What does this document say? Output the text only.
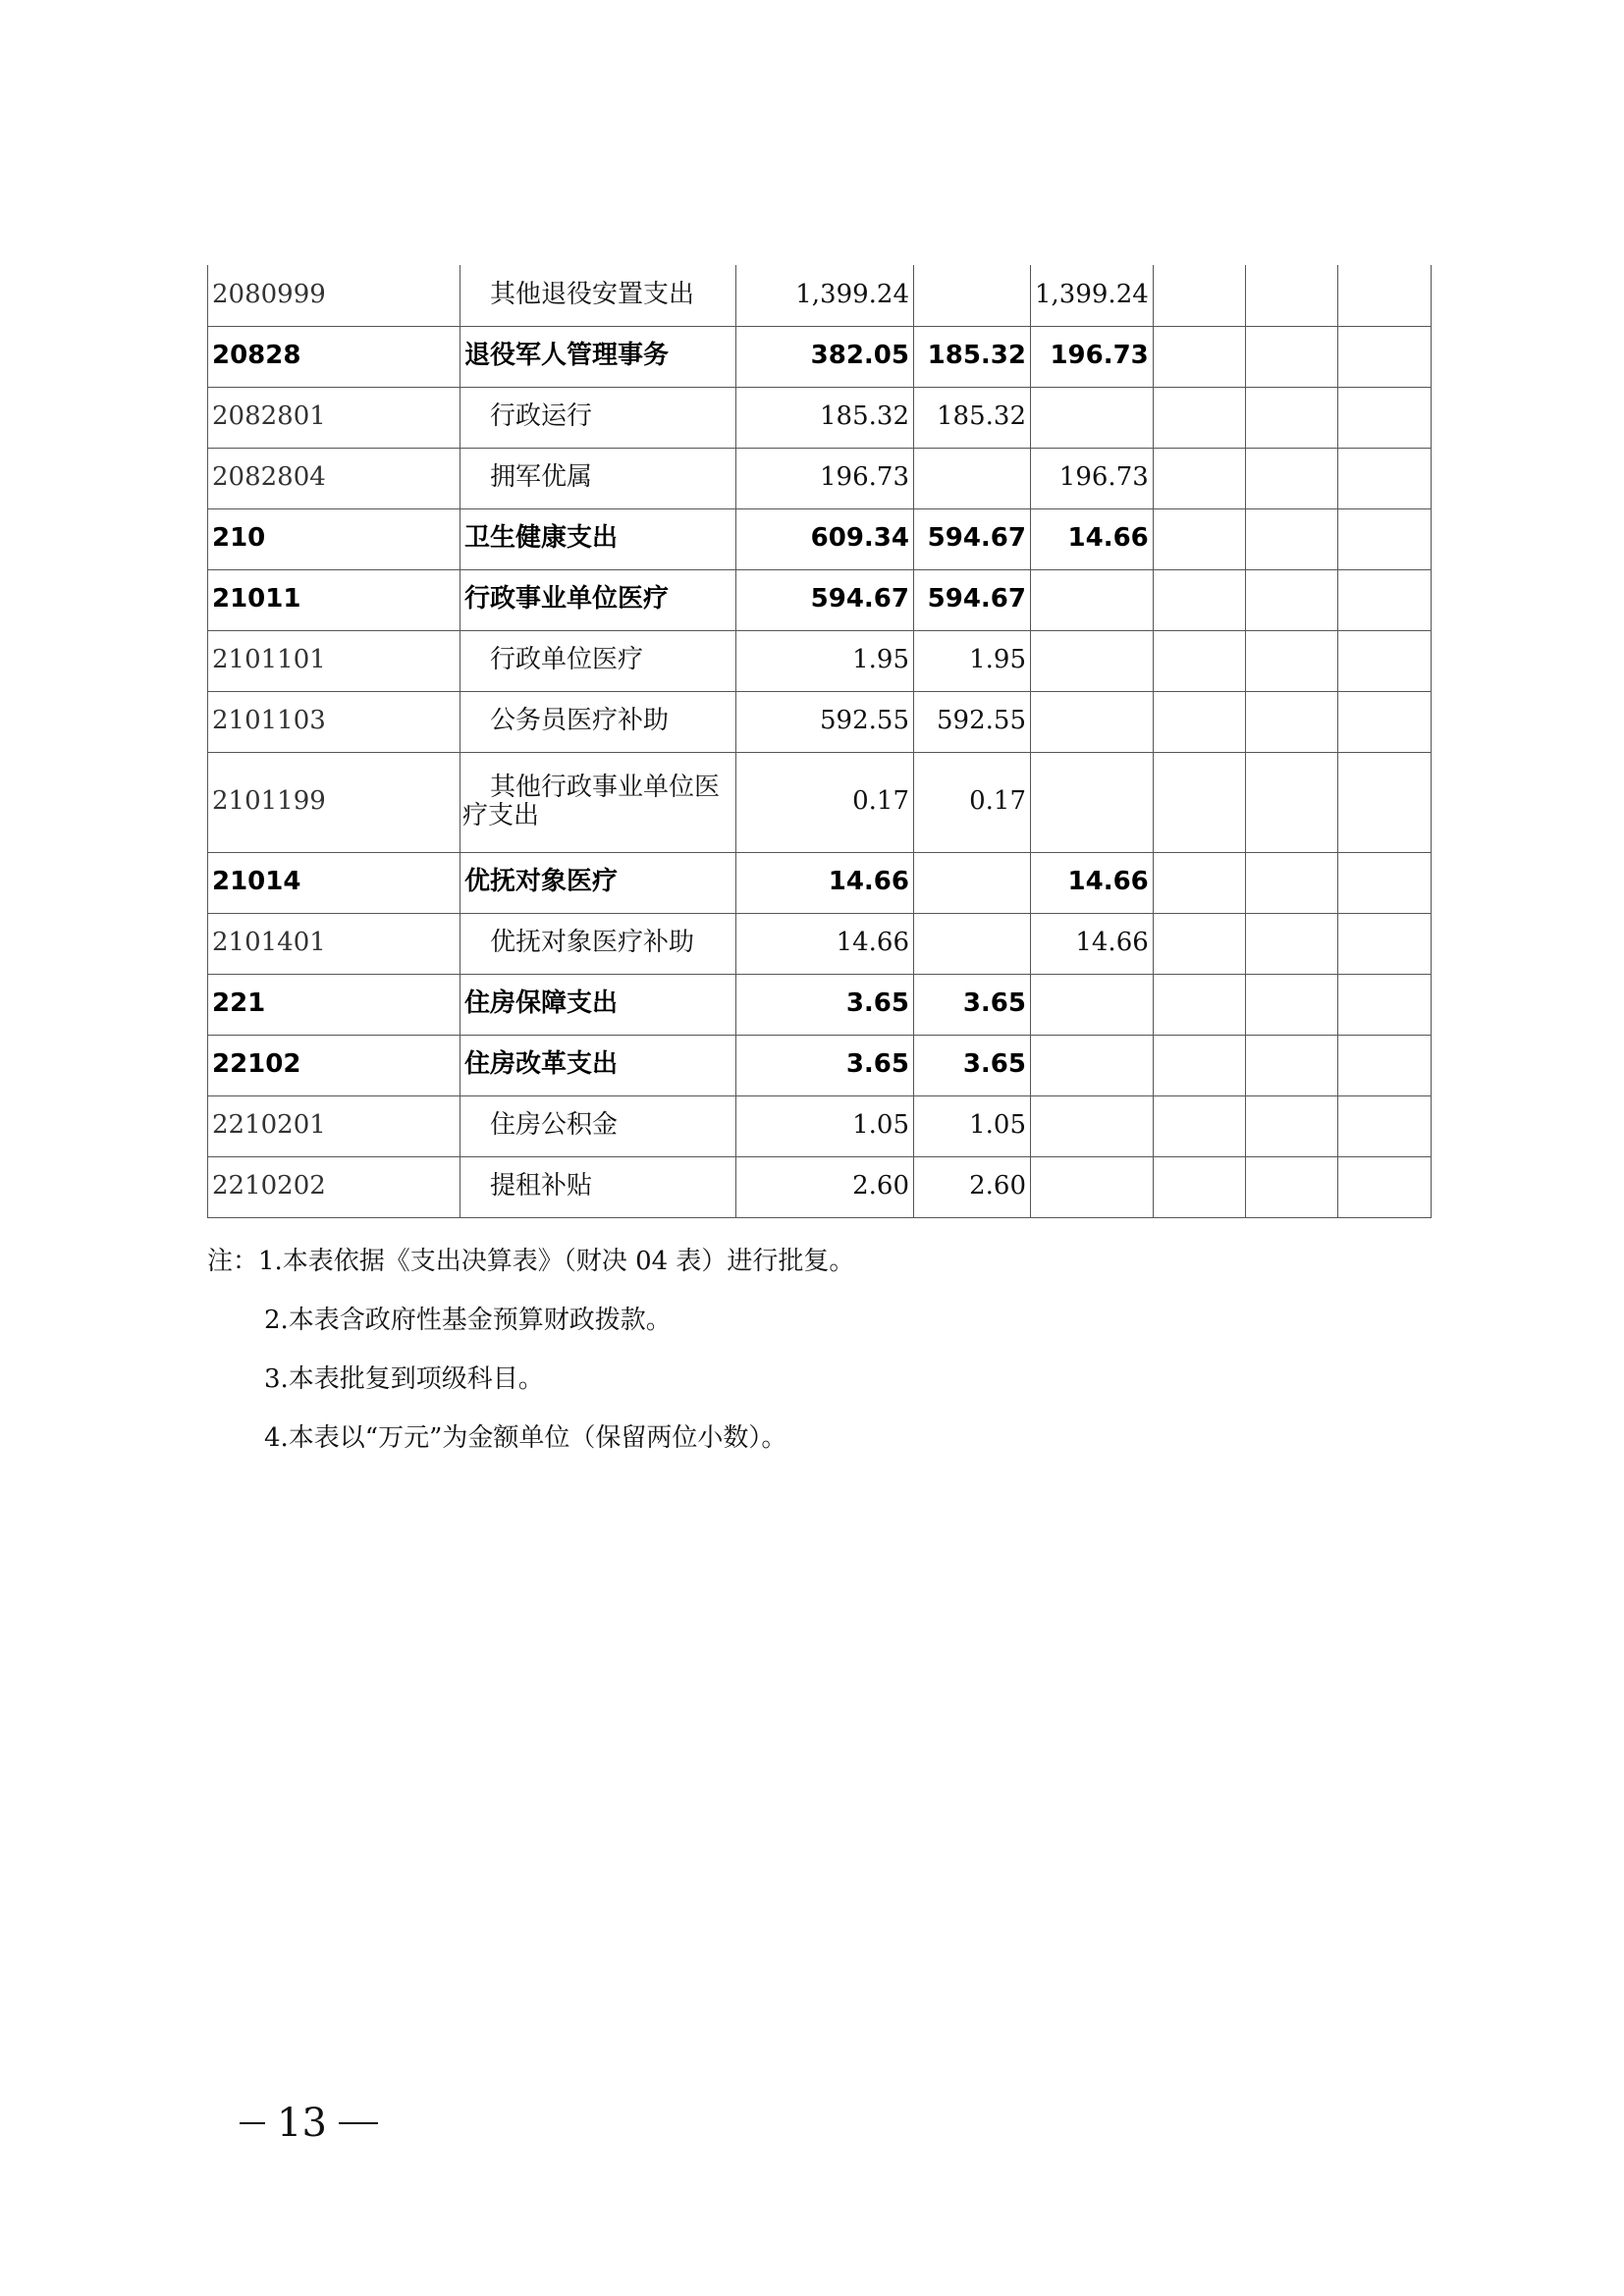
2080999	其他退役安置支出	1,399.24		1,399.24			
20828	退役军人管理事务	382.05	185.32	196.73			
2082801	行政运行	185.32	185.32				
2082804	拥军优属	196.73		196.73			
210	卫生健康支出	609.34	594.67	14.66			
21011	行政事业单位医疗	594.67	594.67				
2101101	行政单位医疗	1.95	1.95				
2101103	公务员医疗补助	592.55	592.55				
2101199	其他行政事业单位医疗支出	0.17	0.17				
21014	优抚对象医疗	14.66		14.66			
2101401	优抚对象医疗补助	14.66		14.66			
221	住房保障支出	3.65	3.65				
22102	住房改革支出	3.65	3.65				
2210201	住房公积金	1.05	1.05				
2210202	提租补贴	2.60	2.60				
注：1.本表依据《支出决算表》（财决 04 表）进行批复。
2.本表含政府性基金预算财政拨款。
3.本表批复到项级科目。
4.本表以“万元”为金额单位（保留两位小数）。
13
